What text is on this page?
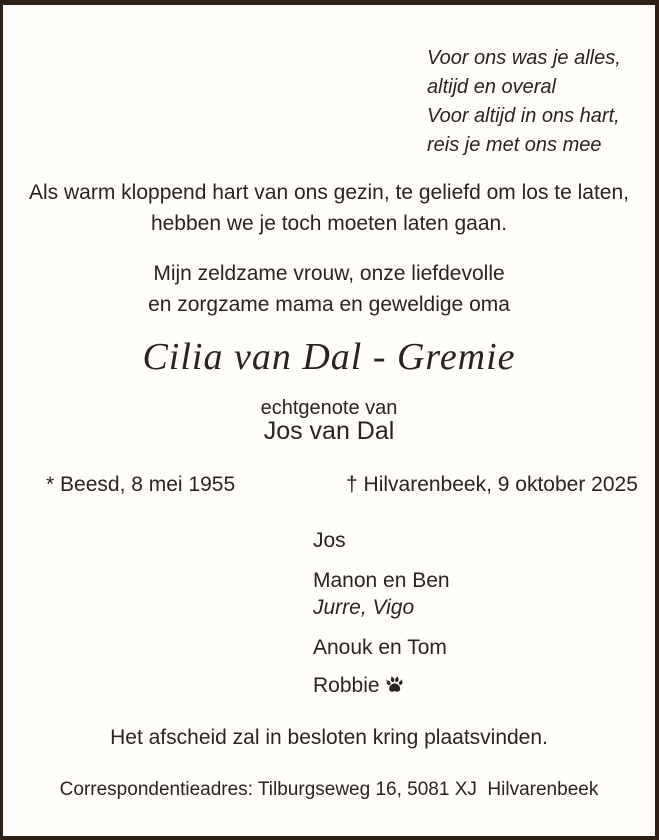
Voor ons was je alles,
altijd en overal
Voor altijd in ons hart,
reis je met ons mee
Als warm kloppend hart van ons gezin, te geliefd om los te laten,
hebben we je toch moeten laten gaan.
Mijn zeldzame vrouw, onze liefdevolle
en zorgzame mama en geweldige oma
Cilia van Dal - Gremie
echtgenote van
Jos van Dal
* Beesd, 8 mei 1955	† Hilvarenbeek, 9 oktober 2025
Jos
Manon en Ben
Jurre, Vigo
Anouk en Tom
Robbie
Het afscheid zal in besloten kring plaatsvinden.
Correspondentieadres: Tilburgseweg 16, 5081 XJ  Hilvarenbeek
